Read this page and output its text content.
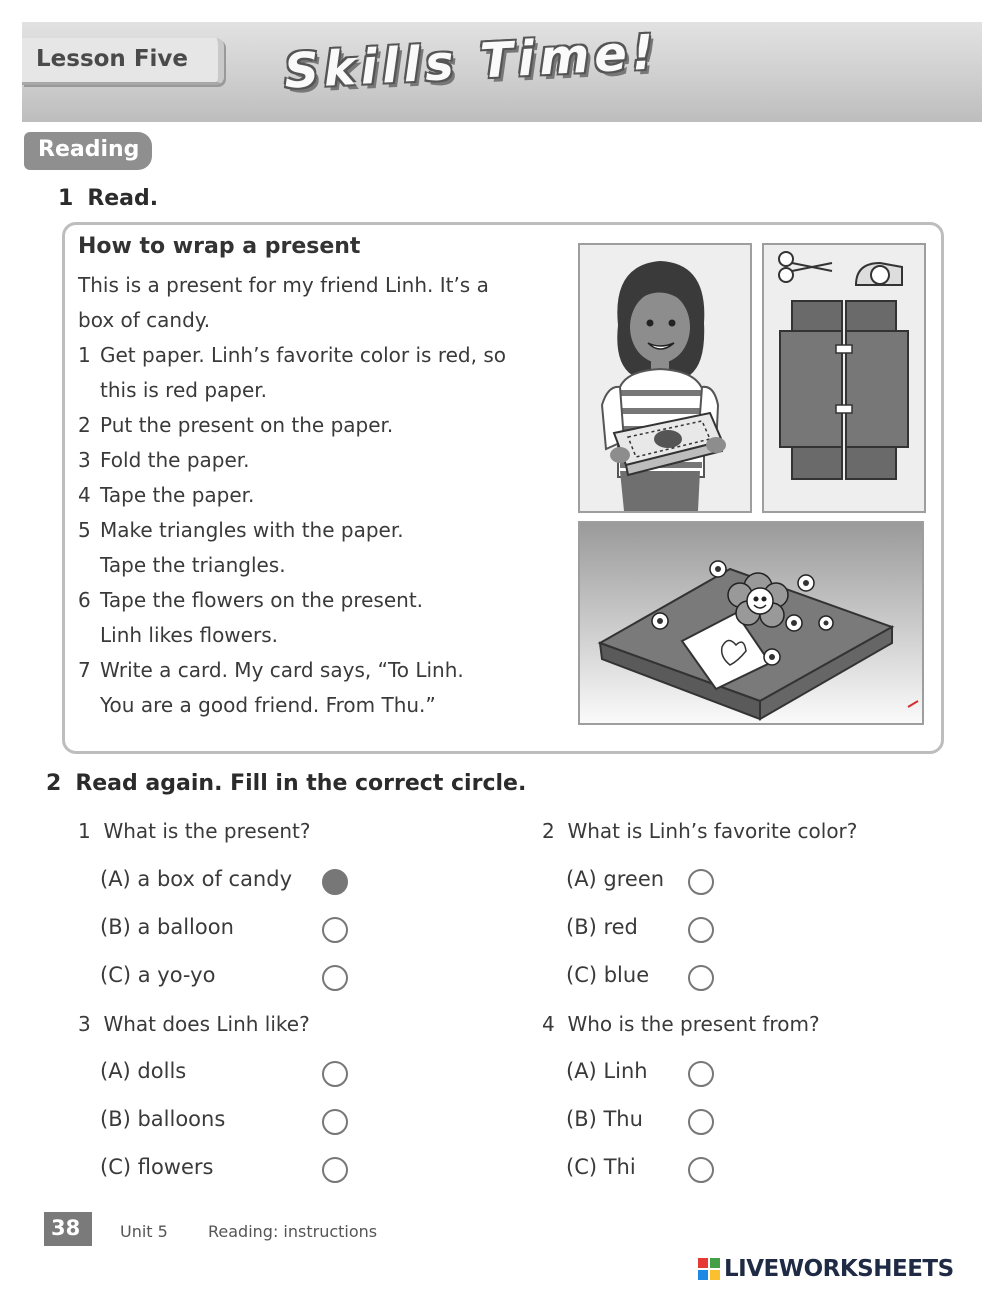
Lesson Five Skills Time!
Reading
1 Read.
How to wrap a present
This is a present for my friend Linh. It’s a
box of candy.
1 Get paper. Linh’s favorite color is red, so
this is red paper.
2 Put the present on the paper.
3 Fold the paper.
4 Tape the paper.
5 Make triangles with the paper.
Tape the triangles.
6 Tape the flowers on the present.
Linh likes flowers.
7 Write a card. My card says, “To Linh.
You are a good friend. From Thu.”
2 Read again. Fill in the correct circle.
1 What is the present?
(A) a box of candy
(B) a balloon
(C) a yo-yo
2 What is Linh’s favorite color?
(A) green
(B) red
(C) blue
3 What does Linh like?
(A) dolls
(B) balloons
(C) flowers
4 Who is the present from?
(A) Linh
(B) Thu
(C) Thi
38 Unit 5	Reading: instructions
LIVEWORKSHEETS
